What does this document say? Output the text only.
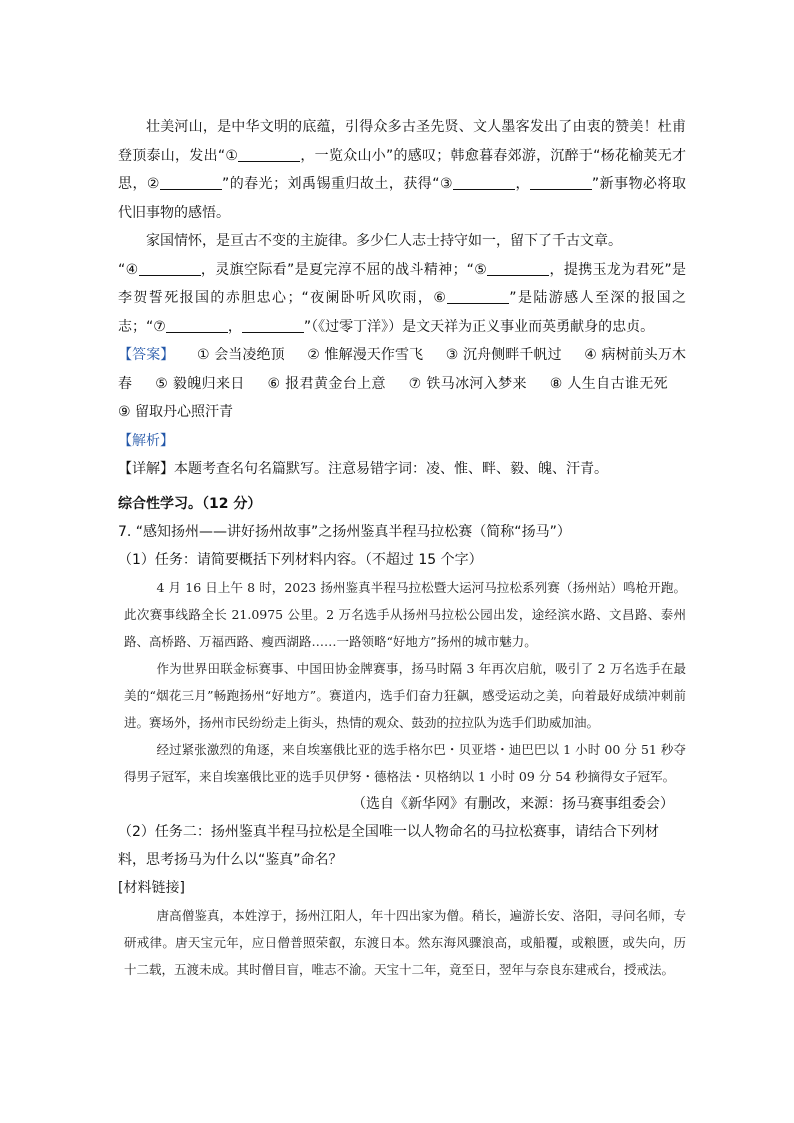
壮美河山，是中华文明的底蕴，引得众多古圣先贤、文人墨客发出了由衷的赞美！杜甫登顶泰山，发出“①	，一览众山小”的感叹；韩愈暮春郊游，沉醉于“杨花榆荚无才思，②	”的春光；刘禹锡重归故土，获得“③	，	”新事物必将取代旧事物的感悟。

家国情怀，是亘古不变的主旋律。多少仁人志士持守如一，留下了千古文章。

“④	，灵旗空际看”是夏完淳不屈的战斗精神；“⑤	，提携玉龙为君死”是李贺誓死报国的赤胆忠心；“夜阑卧听风吹雨，⑥	”是陆游感人至深的报国之志；“⑦	，	”（《过零丁洋》）是文天祥为正义事业而英勇献身的忠贞。

【答案】 ① 会当凌绝顶 ② 惟解漫天作雪飞 ③ 沉舟侧畔千帆过 ④ 病树前头万木春 ⑤ 毅魄归来日 ⑥ 报君黄金台上意 ⑦ 铁马冰河入梦来 ⑧ 人生自古谁无死 ⑨ 留取丹心照汗青

【解析】

【详解】本题考查名句名篇默写。注意易错字词：凌、惟、畔、毅、魄、汗青。

综合性学习。（12 分）

7. “感知扬州——讲好扬州故事”之扬州鉴真半程马拉松赛（简称“扬马”）

（1）任务：请简要概括下列材料内容。（不超过 15 个字）

4 月 16 日上午 8 时，2023 扬州鉴真半程马拉松暨大运河马拉松系列赛（扬州站）鸣枪开跑。此次赛事线路全长 21.0975 公里。2 万名选手从扬州马拉松公园出发，途经滨水路、文昌路、泰州路、高桥路、万福西路、瘦西湖路……一路领略“好地方”扬州的城市魅力。

作为世界田联金标赛事、中国田协金牌赛事，扬马时隔 3 年再次启航，吸引了 2 万名选手在最美的“烟花三月”畅跑扬州“好地方”。赛道内，选手们奋力狂飙，感受运动之美，向着最好成绩冲刺前进。赛场外，扬州市民纷纷走上街头，热情的观众、鼓劲的拉拉队为选手们助威加油。

经过紧张激烈的角逐，来自埃塞俄比亚的选手格尔巴・贝亚塔・迪巴巴以 1 小时 00 分 51 秒夺得男子冠军，来自埃塞俄比亚的选手贝伊努・德格法・贝格纳以 1 小时 09 分 54 秒摘得女子冠军。

（选自《新华网》有删改，来源：扬马赛事组委会）

（2）任务二：扬州鉴真半程马拉松是全国唯一以人物命名的马拉松赛事，请结合下列材料，思考扬马为什么以“鉴真”命名？

[材料链接]

唐高僧鉴真，本姓淳于，扬州江阳人，年十四出家为僧。稍长，遍游长安、洛阳，寻问名师，专研戒律。唐天宝元年，应日僧普照荣叡，东渡日本。然东海风骤浪高，或船覆，或粮匮，或失向，历十二载，五渡未成。其时僧目盲，唯志不渝。天宝十二年，竟至日，翌年与奈良东建戒台，授戒法。
